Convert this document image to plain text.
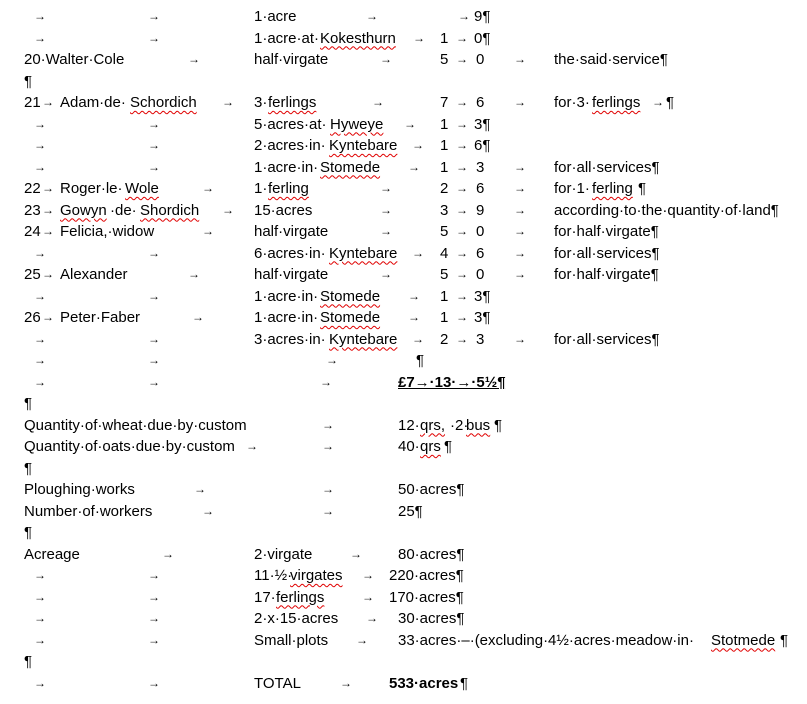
→	→	1·acre	→	→ 9¶
→	→	1·acre·at· Kokesthurn → 1 → 0¶
20·Walter·Cole	→	half·virgate	→	5 → 0 → the·said·service¶
¶
21 → Adam·de· Schordich → 3· ferlings	→	7 → 6 → for·3· ferlings → ¶
→	→	5·acres·at· Hyweye → 1 → 3¶
→	→	2·acres·in· Kyntebare → 1 → 6¶
→	→	1·acre·in· Stomede → 1 → 3 → for·all·services¶
22 → Roger·le· Wole	→	1· ferling	→	2 → 6 → for·1· ferling ¶
23 → Gowyn ·de· Shordich → 15·acres	→	3 → 9 → according·to·the·quantity·of·land¶
24 → Felicia,·widow	→	half·virgate	→	5 → 0 → for·half·virgate¶
→	→	6·acres·in· Kyntebare → 4 → 6 → for·all·services¶
25 → Alexander	→	half·virgate	→	5 → 0 → for·half·virgate¶
→	→	1·acre·in· Stomede → 1 → 3¶
26 → Peter·Faber	→	1·acre·in· Stomede → 1 → 3¶
→	→	3·acres·in· Kyntebare → 2 → 3 → for·all·services¶
→	→	→	¶
→	→	→	£7→·13·→·5½¶
¶
Quantity·of·wheat·due·by·custom	→	12· qrs, ·2·
bus ¶
Quantity·of·oats·due·by·custom →	→	40· qrs ¶
¶
Ploughing·works	→	→	50·acres¶
Number·of·workers	→	→	25¶
¶
Acreage	→	2·virgate	→ 80·acres¶
→	→	11·½·
virgates → 220·acres¶
→	→	17· ferlings	→ 170·acres¶
→	→	2·x·15·acres → 30·acres¶
→	→	Small·plots → 33·acres·–·(excluding·4½·acres·meadow·in· Stotmede ¶
¶
→	→	TOTAL	→ 533·acres ¶
